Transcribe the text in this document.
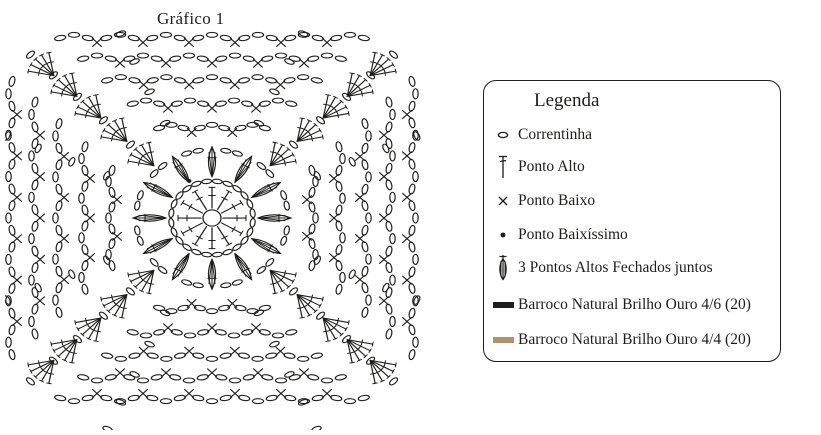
Gráfico 1
Legenda
Correntinha
Ponto Alto
Ponto Baixo
Ponto Baixíssimo
3 Pontos Altos Fechados juntos
Barroco Natural Brilho Ouro 4/6 (20)
Barroco Natural Brilho Ouro 4/4 (20)
